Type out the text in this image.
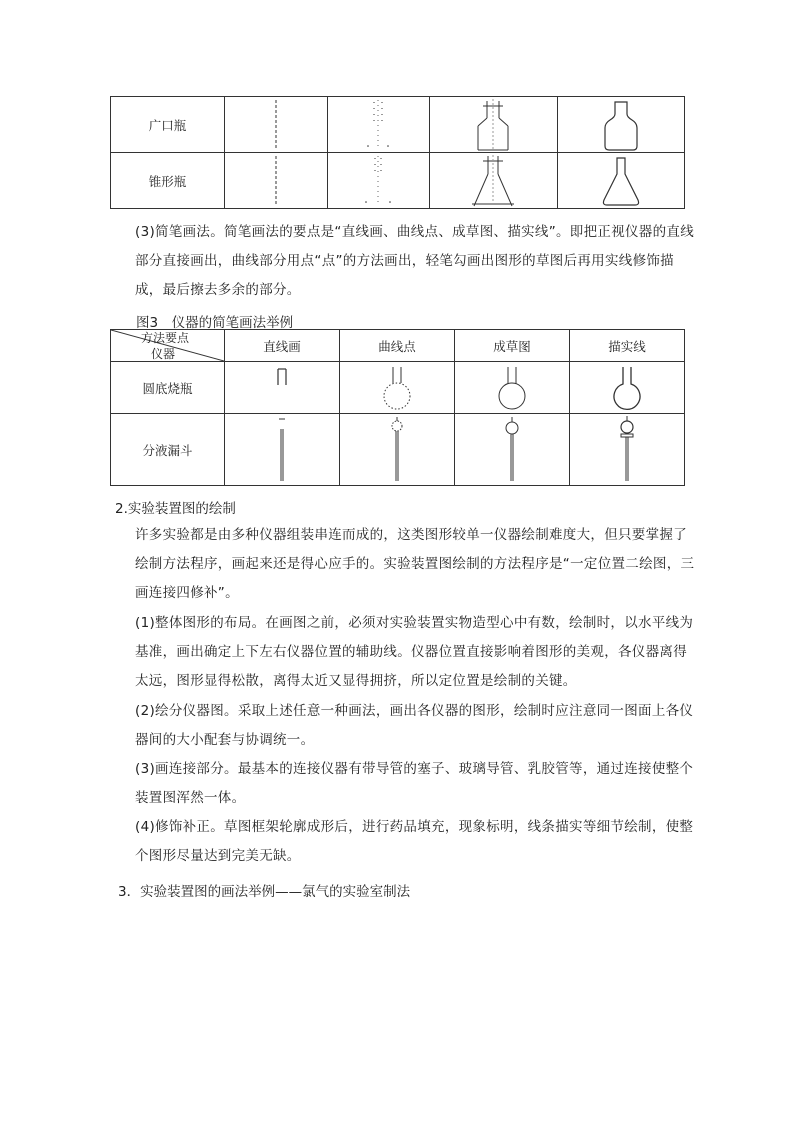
广口瓶	

锥形瓶	

(3)简笔画法。简笔画法的要点是“直线画、曲线点、成草图、描实线”。即把正视仪器的直线部分直接画出，曲线部分用点“点”的方法画出，轻笔勾画出图形的草图后再用实线修饰描成，最后擦去多余的部分。

图3　仪器的简笔画法举例

方法要点
仪器	直线画	曲线点	成草图	描实线
圆底烧瓶	

分液漏斗	

2.实验装置图的绘制

许多实验都是由多种仪器组装串连而成的，这类图形较单一仪器绘制难度大，但只要掌握了绘制方法程序，画起来还是得心应手的。实验装置图绘制的方法程序是“一定位置二绘图，三画连接四修补”。

(1)整体图形的布局。在画图之前，必须对实验装置实物造型心中有数，绘制时，以水平线为基准，画出确定上下左右仪器位置的辅助线。仪器位置直接影响着图形的美观，各仪器离得太远，图形显得松散，离得太近又显得拥挤，所以定位置是绘制的关键。

(2)绘分仪器图。采取上述任意一种画法，画出各仪器的图形，绘制时应注意同一图面上各仪器间的大小配套与协调统一。

(3)画连接部分。最基本的连接仪器有带导管的塞子、玻璃导管、乳胶管等，通过连接使整个装置图浑然一体。

(4)修饰补正。草图框架轮廓成形后，进行药品填充，现象标明，线条描实等细节绘制，使整个图形尽量达到完美无缺。

3．实验装置图的画法举例——氯气的实验室制法
